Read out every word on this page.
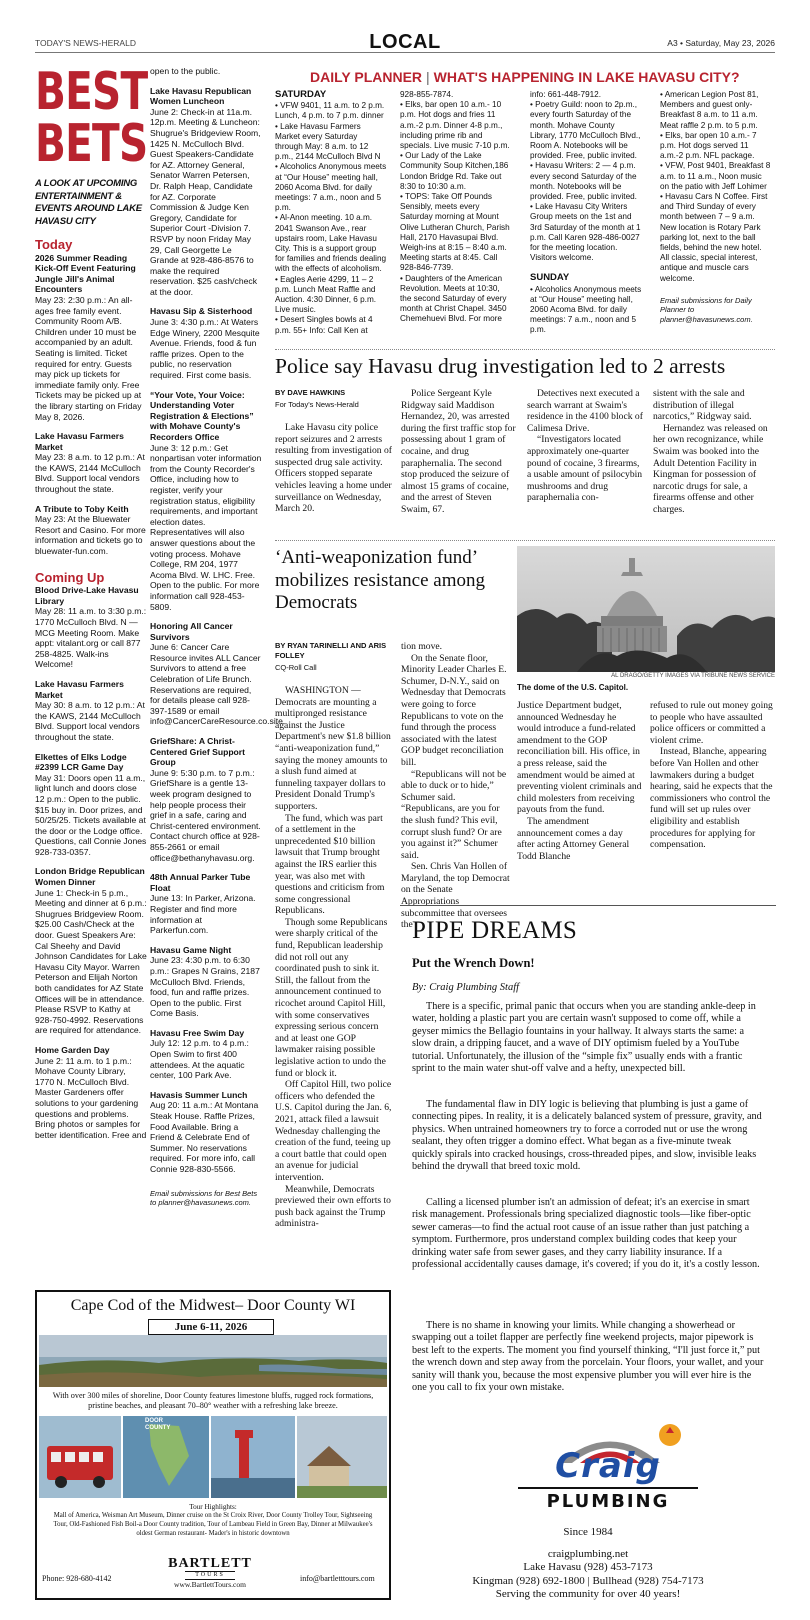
TODAY'S NEWS-HERALD	LOCAL	A3 • Saturday, May 23, 2026
BEST
BETS
A LOOK AT UPCOMING ENTERTAINMENT & EVENTS AROUND LAKE HAVASU CITY
Today
2026 Summer Reading Kick-Off Event Featuring Jungle Jill's Animal Encounters
May 23: 2:30 p.m.: An all-ages free family event. Community Room A/B. Children under 10 must be accompanied by an adult. Seating is limited. Ticket required for entry. Guests may pick up tickets for immediate family only. Free Tickets may be picked up at the library starting on Friday May 8, 2026.
Lake Havasu Farmers Market
May 23: 8 a.m. to 12 p.m.: At the KAWS, 2144 McCulloch Blvd. Support local vendors throughout the state.
A Tribute to Toby Keith
May 23: At the Bluewater Resort and Casino. For more information and tickets go to bluewater-fun.com.
Coming Up
Blood Drive-Lake Havasu Library
May 28: 11 a.m. to 3:30 p.m.: 1770 McCulloch Blvd. N — MCG Meeting Room. Make appt: vitalant.org or call 877 258-4825. Walk-ins Welcome!
Lake Havasu Farmers Market
May 30: 8 a.m. to 12 p.m.: At the KAWS, 2144 McCulloch Blvd. Support local vendors throughout the state.
Elkettes of Elks Lodge #2399 LCR Game Day
May 31: Doors open 11 a.m., light lunch and doors close 12 p.m.: Open to the public. $15 buy in. Door prizes, and 50/25/25. Tickets available at the door or the Lodge office. Questions, call Connie Jones 928-733-0357.
London Bridge Republican Women Dinner
June 1: Check-in 5 p.m., Meeting and dinner at 6 p.m.: Shugrues Bridgeview Room. $25.00 Cash/Check at the door. Guest Speakers Are: Cal Sheehy and David Johnson Candidates for Lake Havasu City Mayor. Warren Peterson and Elijah Norton both candidates for AZ State Offices will be in attendance. Please RSVP to Kathy at 928-750-4992. Reservations are required for attendance.
Home Garden Day
June 2: 11 a.m. to 1 p.m.: Mohave County Library, 1770 N. McCulloch Blvd. Master Gardeners offer solutions to your gardening questions and problems. Bring photos or samples for better identification. Free and
open to the public.
Lake Havasu Republican Women Luncheon
June 2: Check-in at 11a.m. 12p.m. Meeting & Luncheon: Shugrue's Bridgeview Room, 1425 N. McCulloch Blvd. Guest Speakers-Candidate for AZ. Attorney General, Senator Warren Petersen, Dr. Ralph Heap, Candidate for AZ. Corporate Commission & Judge Ken Gregory, Candidate for Superior Court -Division 7. RSVP by noon Friday May 29, Call Georgette Le Grande at 928-486-8576 to make the required reservation. $25 cash/check at the door.
Havasu Sip & Sisterhood
June 3: 4:30 p.m.: At Waters Edge Winery, 2200 Mesquite Avenue. Friends, food & fun raffle prizes. Open to the public, no reservation required. First come basis.
“Your Vote, Your Voice: Understanding Voter Registration & Elections” with Mohave County's Recorders Office
June 3: 12 p.m.: Get nonpartisan voter information from the County Recorder's Office, including how to register, verify your registration status, eligibility requirements, and important election dates. Representatives will also answer questions about the voting process. Mohave College, RM 204, 1977 Acoma Blvd. W. LHC. Free. Open to the public. For more information call 928-453-5809.
Honoring All Cancer Survivors
June 6: Cancer Care Resource invites ALL Cancer Survivors to attend a free Celebration of Life Brunch. Reservations are required, for details please call 928-397-1589 or email info@CancerCareResource.co.site.
GriefShare: A Christ-Centered Grief Support Group
June 9: 5:30 p.m. to 7 p.m.: GriefShare is a gentle 13-week program designed to help people process their grief in a safe, caring and Christ-centered environment. Contact church office at 928-855-2661 or email office@bethanyhavasu.org.
48th Annual Parker Tube Float
June 13: In Parker, Arizona. Register and find more information at Parkerfun.com.
Havasu Game Night
June 23: 4:30 p.m. to 6:30 p.m.: Grapes N Grains, 2187 McCulloch Blvd. Friends, food, fun and raffle prizes. Open to the public. First Come Basis.
Havasu Free Swim Day
July 12: 12 p.m. to 4 p.m.: Open Swim to first 400 attendees. At the aquatic center, 100 Park Ave.
Havasis Summer Lunch
Aug 20: 11 a.m.: At Montana Steak House. Raffle Prizes, Food Available. Bring a Friend & Celebrate End of Summer. No reservations required. For more info, call Connie 928-830-5566.
Email submissions for Best Bets to planner@havasunews.com.
DAILY PLANNER | WHAT'S HAPPENING IN LAKE HAVASU CITY?
SATURDAY
• VFW 9401, 11 a.m. to 2 p.m. Lunch, 4 p.m. to 7 p.m. dinner
• Lake Havasu Farmers Market every Saturday through May: 8 a.m. to 12 p.m., 2144 McCulloch Blvd N
• Alcoholics Anonymous meets at “Our House” meeting hall, 2060 Acoma Blvd. for daily meetings: 7 a.m., noon and 5 p.m.
• Al-Anon meeting. 10 a.m. 2041 Swanson Ave., rear upstairs room, Lake Havasu City. This is a support group for families and friends dealing with the effects of alcoholism.
• Eagles Aerie 4299, 11 – 2 p.m. Lunch Meat Raffle and Auction. 4:30 Dinner, 6 p.m. Live music.
• Desert Singles bowls at 4 p.m. 55+ Info: Call Ken at
928-855-7874.
• Elks, bar open 10 a.m.- 10 p.m. Hot dogs and fries 11 a.m.-2 p.m. Dinner 4-8 p.m., including prime rib and specials. Live music 7-10 p.m.
• Our Lady of the Lake Community Soup Kitchen,186 London Bridge Rd. Take out 8:30 to 10:30 a.m.
• TOPS: Take Off Pounds Sensibly, meets every Saturday morning at Mount Olive Lutheran Church, Parish Hall, 2170 Havasupai Blvd. Weigh-ins at 8:15 – 8:40 a.m. Meeting starts at 8:45. Call 928-846-7739.
• Daughters of the American Revolution. Meets at 10:30, the second Saturday of every month at Christ Chapel. 3450 Chemehuevi Blvd. For more
info: 661-448-7912.
• Poetry Guild: noon to 2p.m., every fourth Saturday of the month. Mohave County Library, 1770 McCulloch Blvd., Room A. Notebooks will be provided. Free, public invited.
• Havasu Writers: 2 — 4 p.m. every second Saturday of the month. Notebooks will be provided. Free, public invited.
• Lake Havasu City Writers Group meets on the 1st and 3rd Saturday of the month at 1 p.m. Call Karen 928-486-0027 for the meeting location. Visitors welcome.
SUNDAY
• Alcoholics Anonymous meets at “Our House” meeting hall, 2060 Acoma Blvd. for daily meetings: 7 a.m., noon and 5 p.m.
• American Legion Post 81, Members and guest only- Breakfast 8 a.m. to 11 a.m. Meat raffle 2 p.m. to 5 p.m.
• Elks, bar open 10 a.m.- 7 p.m. Hot dogs served 11 a.m.-2 p.m. NFL package.
• VFW, Post 9401, Breakfast 8 a.m. to 11 a.m., Noon music on the patio with Jeff Lohimer
• Havasu Cars N Coffee. First and Third Sunday of every month between 7 – 9 a.m. New location is Rotary Park parking lot, next to the ball fields, behind the new hotel. All classic, special interest, antique and muscle cars welcome.
Email submissions for Daily Planner to planner@havasunews.com.
Police say Havasu drug investigation led to 2 arrests
BY DAVE HAWKINS
For Today's News-Herald

Lake Havasu city police report seizures and 2 arrests resulting from investigation of suspected drug sale activity. Officers stopped separate vehicles leaving a home under surveillance on Wednesday, March 20.

Police Sergeant Kyle Ridgway said Maddison Hernandez, 20, was arrested during the first traffic stop for possessing about 1 gram of cocaine, and drug paraphernalia. The second stop produced the seizure of almost 15 grams of cocaine, and the arrest of Steven Swaim, 67.

Detectives next executed a search warrant at Swaim's residence in the 4100 block of Calimesa Drive.

“Investigators located approximately one-quarter pound of cocaine, 3 firearms, a usable amount of psilocybin mushrooms and drug paraphernalia con-

sistent with the sale and distribution of illegal narcotics,” Ridgway said.

Hernandez was released on her own recognizance, while Swaim was booked into the Adult Detention Facility in Kingman for possession of narcotic drugs for sale, a firearms offense and other charges.

‘Anti-weaponization fund’ mobilizes resistance among Democrats
AL DRAGO/GETTY IMAGES VIA TRIBUNE NEWS SERVICE
The dome of the U.S. Capitol.
BY RYAN TARINELLI AND ARIS FOLLEY
CQ-Roll Call

WASHINGTON — Democrats are mounting a multipronged resistance against the Justice Department's new $1.8 billion “anti-weaponization fund,” saying the money amounts to a slush fund aimed at funneling taxpayer dollars to President Donald Trump's supporters.

The fund, which was part of a settlement in the unprecedented $10 billion lawsuit that Trump brought against the IRS earlier this year, was also met with questions and criticism from some congressional Republicans.

Though some Republicans were sharply critical of the fund, Republican leadership did not roll out any coordinated push to sink it. Still, the fallout from the announcement continued to ricochet around Capitol Hill, with some conservatives expressing serious concern and at least one GOP lawmaker raising possible legislative action to undo the fund or block it.

Off Capitol Hill, two police officers who defended the U.S. Capitol during the Jan. 6, 2021, attack filed a lawsuit Wednesday challenging the creation of the fund, teeing up a court battle that could open an avenue for judicial intervention.

Meanwhile, Democrats previewed their own efforts to push back against the Trump administra-

tion move.

On the Senate floor, Minority Leader Charles E. Schumer, D-N.Y., said on Wednesday that Democrats were going to force Republicans to vote on the fund through the process associated with the latest GOP budget reconciliation bill.

“Republicans will not be able to duck or to hide,” Schumer said. “Republicans, are you for the slush fund? This evil, corrupt slush fund? Or are you against it?” Schumer said.

Sen. Chris Van Hollen of Maryland, the top Democrat on the Senate Appropriations subcommittee that oversees the

Justice Department budget, announced Wednesday he would introduce a fund-related amendment to the GOP reconciliation bill. His office, in a press release, said the amendment would be aimed at preventing violent criminals and child molesters from receiving payouts from the fund.

The amendment announcement comes a day after acting Attorney General Todd Blanche

refused to rule out money going to people who have assaulted police officers or committed a violent crime.

Instead, Blanche, appearing before Van Hollen and other lawmakers during a budget hearing, said he expects that the commissioners who control the fund will set up rules over eligibility and establish procedures for applying for compensation.

PIPE DREAMS
Put the Wrench Down!
By: Craig Plumbing Staff

There is a specific, primal panic that occurs when you are standing ankle-deep in water, holding a plastic part you are certain wasn't supposed to come off, while a geyser mimics the Bellagio fountains in your hallway. It always starts the same: a slow drain, a dripping faucet, and a wave of DIY optimism fueled by a YouTube tutorial. Unfortunately, the illusion of the “simple fix” usually ends with a frantic sprint to the main water shut-off valve and a hefty, unexpected bill.

The fundamental flaw in DIY logic is believing that plumbing is just a game of connecting pipes. In reality, it is a delicately balanced system of pressure, gravity, and physics. When untrained homeowners try to force a corroded nut or use the wrong sealant, they often trigger a domino effect. What began as a five-minute tweak quickly spirals into cracked housings, cross-threaded pipes, and slow, invisible leaks behind the drywall that breed toxic mold.

Calling a licensed plumber isn't an admission of defeat; it's an exercise in smart risk management. Professionals bring specialized diagnostic tools—like fiber-optic sewer cameras—to find the actual root cause of an issue rather than just patching a symptom. Furthermore, pros understand complex building codes that keep your drinking water safe from sewer gases, and they carry liability insurance. If a professional accidentally causes damage, it's covered; if you do it, it's a costly lesson.

There is no shame in knowing your limits. While changing a showerhead or swapping out a toilet flapper are perfectly fine weekend projects, major pipework is best left to the experts. The moment you find yourself thinking, “I'll just force it,” put the wrench down and step away from the porcelain. Your floors, your wallet, and your sanity will thank you, because the most expensive plumber you will ever hire is the one you call to fix your own mistake.

Craig
PLUMBING
Since 1984
craigplumbing.net
Lake Havasu (928) 453-7173
Kingman (928) 692-1800 | Bullhead (928) 754-7173
Serving the community for over 40 years!
Cape Cod of the Midwest– Door County WI
June 6-11, 2026
With over 300 miles of shoreline, Door County features limestone bluffs, rugged rock formations, pristine beaches, and pleasant 70–80° weather with a refreshing lake breeze.
DOOR
COUNTY
Tour Highlights:
Mall of America, Weisman Art Museum, Dinner cruise on the St Croix River, Door County Trolley Tour, Sightseeing Tour, Old-Fashioned Fish Boil-a Door County tradition, Tour of Lambeau Field in Green Bay, Dinner at Milwaukee's oldest German restaurant- Mader's in historic downtown
BARTLETT
TOURS
www.BartlettTours.com
Phone: 928-680-4142	info@bartletttours.com
